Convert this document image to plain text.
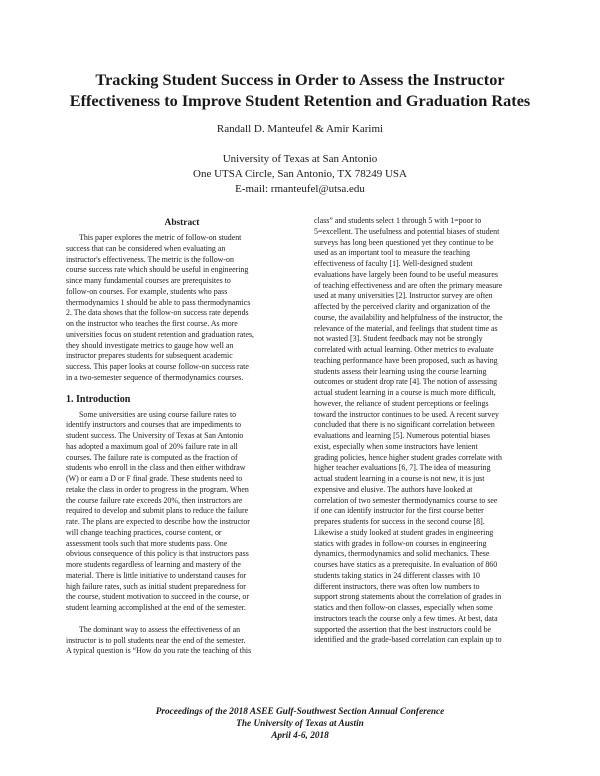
Tracking Student Success in Order to Assess the Instructor
Effectiveness to Improve Student Retention and Graduation Rates
Randall D. Manteufel & Amir Karimi
University of Texas at San Antonio
One UTSA Circle, San Antonio, TX 78249 USA
E-mail: rmanteufel@utsa.edu
Abstract
This paper explores the metric of follow-on student
success that can be considered when evaluating an
instructor's effectiveness. The metric is the follow-on
course success rate which should be useful in engineering
since many fundamental courses are prerequisites to
follow-on courses. For example, students who pass
thermodynamics 1 should be able to pass thermodynamics
2. The data shows that the follow-on success rate depends
on the instructor who teaches the first course. As more
universities focus on student retention and graduation rates,
they should investigate metrics to gauge how well an
instructor prepares students for subsequent academic
success. This paper looks at course follow-on success rate
in a two-semester sequence of thermodynamics courses.
1. Introduction
Some universities are using course failure rates to
identify instructors and courses that are impediments to
student success. The University of Texas at San Antonio
has adopted a maximum goal of 20% failure rate in all
courses. The failure rate is computed as the fraction of
students who enroll in the class and then either withdraw
(W) or earn a D or F final grade. These students need to
retake the class in order to progress in the program. When
the course failure rate exceeds 20%, then instructors are
required to develop and submit plans to reduce the failure
rate. The plans are expected to describe how the instructor
will change teaching practices, course content, or
assessment tools such that more students pass. One
obvious consequence of this policy is that instructors pass
more students regardless of learning and mastery of the
material. There is little initiative to understand causes for
high failure rates, such as initial student preparedness for
the course, student motivation to succeed in the course, or
student learning accomplished at the end of the semester.
The dominant way to assess the effectiveness of an
instructor is to poll students near the end of the semester.
A typical question is “How do you rate the teaching of this
class” and students select 1 through 5 with 1=poor to
5=excellent. The usefulness and potential biases of student
surveys has long been questioned yet they continue to be
used as an important tool to measure the teaching
effectiveness of faculty [1]. Well-designed student
evaluations have largely been found to be useful measures
of teaching effectiveness and are often the primary measure
used at many universities [2]. Instructor survey are often
affected by the perceived clarity and organization of the
course, the availability and helpfulness of the instructor, the
relevance of the material, and feelings that student time as
not wasted [3]. Student feedback may not be strongly
correlated with actual learning. Other metrics to evaluate
teaching performance have been proposed, such as having
students assess their learning using the course learning
outcomes or student drop rate [4]. The notion of assessing
actual student learning in a course is much more difficult,
however, the reliance of student perceptions or feelings
toward the instructor continues to be used. A recent survey
concluded that there is no significant correlation between
evaluations and learning [5]. Numerous potential biases
exist, especially when some instructors have lenient
grading policies, hence higher student grades correlate with
higher teacher evaluations [6, 7]. The idea of measuring
actual student learning in a course is not new, it is just
expensive and elusive. The authors have looked at
correlation of two semester thermodynamics course to see
if one can identify instructor for the first course better
prepares students for success in the second course [8].
Likewise a study looked at student grades in engineering
statics with grades in follow-on courses in engineering
dynamics, thermodynamics and solid mechanics. These
courses have statics as a prerequisite. In evaluation of 860
students taking statics in 24 different classes with 10
different instructors, there was often low numbers to
support strong statements about the correlation of grades in
statics and then follow-on classes, especially when some
instructors teach the course only a few times. At best, data
supported the assertion that the best instructors could be
identified and the grade-based correlation can explain up to
Proceedings of the 2018 ASEE Gulf-Southwest Section Annual Conference
The University of Texas at Austin
April 4-6, 2018
